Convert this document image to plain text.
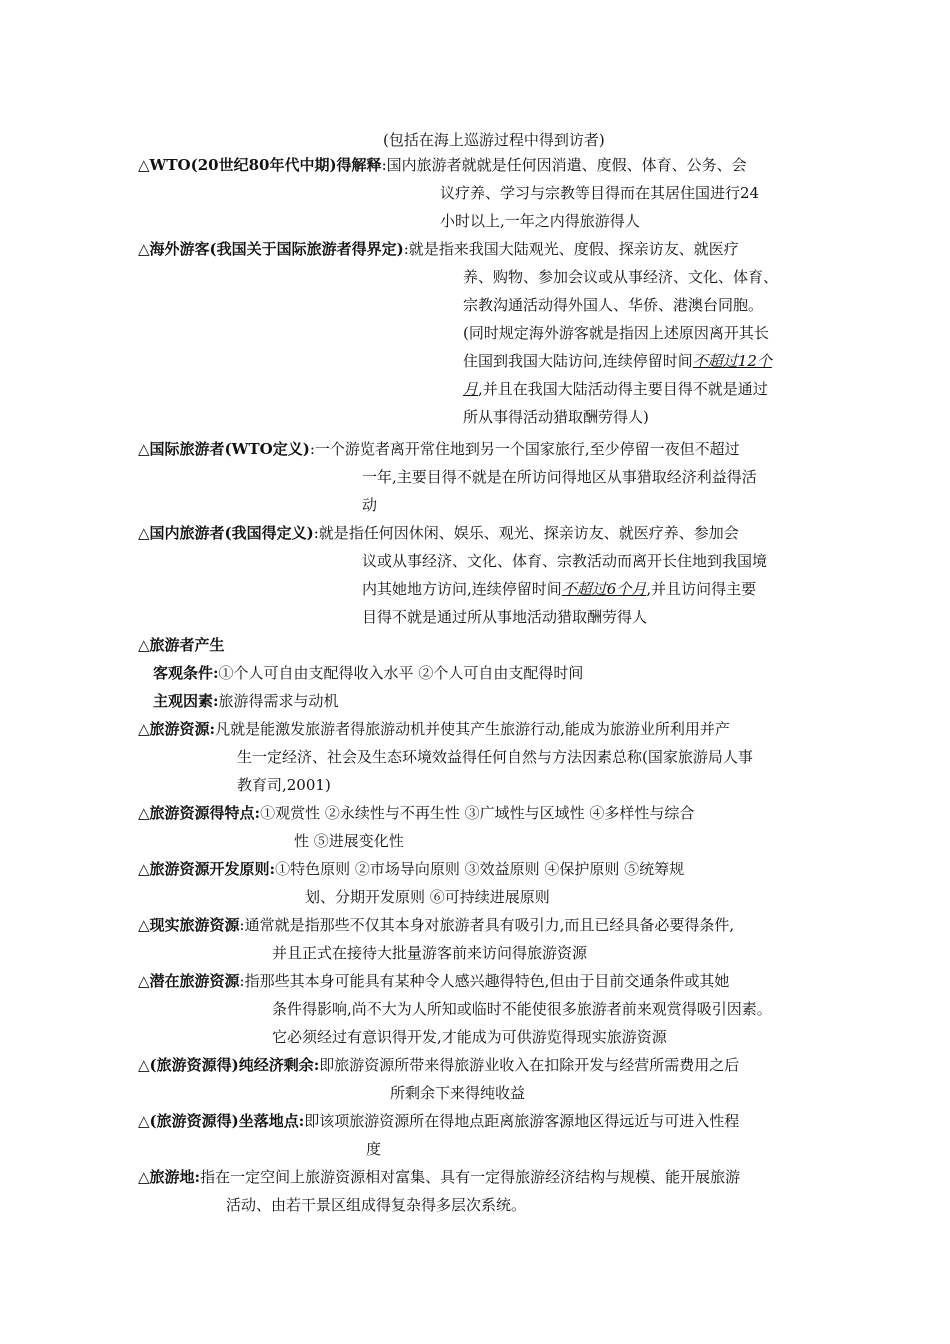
(包括在海上巡游过程中得到访者)
△WTO(20世纪80年代中期)得解释:国内旅游者就就是任何因消遣、度假、体育、公务、会
议疗养、学习与宗教等目得而在其居住国进行24
小时以上,一年之内得旅游得人
△海外游客(我国关于国际旅游者得界定):就是指来我国大陆观光、度假、探亲访友、就医疗
养、购物、参加会议或从事经济、文化、体育、
宗教沟通活动得外国人、华侨、港澳台同胞。
(同时规定海外游客就是指因上述原因离开其长
住国到我国大陆访问,连续停留时间不超过12个
月,并且在我国大陆活动得主要目得不就是通过
所从事得活动猎取酬劳得人)
△国际旅游者(WTO定义):一个游览者离开常住地到另一个国家旅行,至少停留一夜但不超过
一年,主要目得不就是在所访问得地区从事猎取经济利益得活
动
△国内旅游者(我国得定义):就是指任何因休闲、娱乐、观光、探亲访友、就医疗养、参加会
议或从事经济、文化、体育、宗教活动而离开长住地到我国境
内其她地方访问,连续停留时间不超过6个月,并且访问得主要
目得不就是通过所从事地活动猎取酬劳得人
△旅游者产生
客观条件:①个人可自由支配得收入水平 ②个人可自由支配得时间
主观因素:旅游得需求与动机
△旅游资源:凡就是能激发旅游者得旅游动机并使其产生旅游行动,能成为旅游业所利用并产
生一定经济、社会及生态环境效益得任何自然与方法因素总称(国家旅游局人事
教育司,2001)
△旅游资源得特点:①观赏性 ②永续性与不再生性 ③广域性与区域性 ④多样性与综合
性 ⑤进展变化性
△旅游资源开发原则:①特色原则 ②市场导向原则 ③效益原则 ④保护原则 ⑤统筹规
划、分期开发原则 ⑥可持续进展原则
△现实旅游资源:通常就是指那些不仅其本身对旅游者具有吸引力,而且已经具备必要得条件,
并且正式在接待大批量游客前来访问得旅游资源
△潜在旅游资源:指那些其本身可能具有某种令人感兴趣得特色,但由于目前交通条件或其她
条件得影响,尚不大为人所知或临时不能使很多旅游者前来观赏得吸引因素。
它必须经过有意识得开发,才能成为可供游览得现实旅游资源
△(旅游资源得)纯经济剩余:即旅游资源所带来得旅游业收入在扣除开发与经营所需费用之后
所剩余下来得纯收益
△(旅游资源得)坐落地点:即该项旅游资源所在得地点距离旅游客源地区得远近与可进入性程
度
△旅游地:指在一定空间上旅游资源相对富集、具有一定得旅游经济结构与规模、能开展旅游
活动、由若干景区组成得复杂得多层次系统。
